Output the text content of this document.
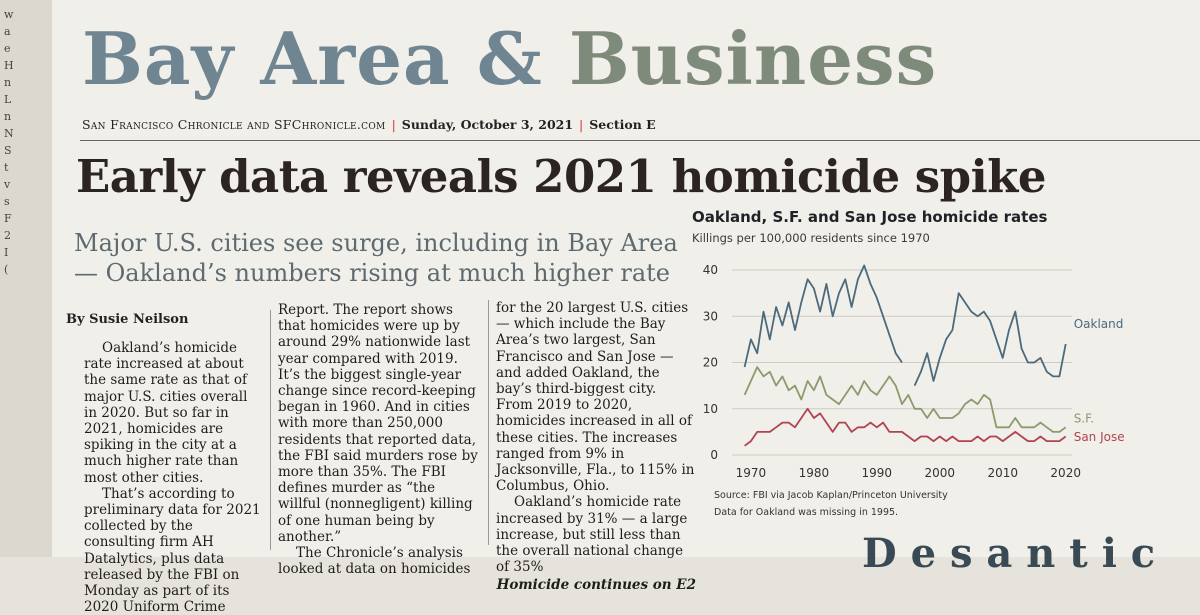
w
a
e
H
n
L
n
N
S
t
v
s
F
2
I
(
Bay Area & Business
San Francisco Chronicle and SFChronicle.com | Sunday, October 3, 2021 | Section E
Early data reveals 2021 homicide spike
Major U.S. cities see surge, including in Bay Area — Oakland’s numbers rising at much higher rate
By Susie Neilson

Oakland’s homicide rate increased at about the same rate as that of major U.S. cities overall in 2020. But so far in 2021, homicides are spiking in the city at a much higher rate than most other cities.

That’s according to preliminary data for 2021 collected by the consulting firm AH Datalytics, plus data released by the FBI on Monday as part of its 2020 Uniform Crime

Report. The report shows that homicides were up by around 29% nationwide last year compared with 2019. It’s the biggest single-year change since record-keeping began in 1960. And in cities with more than 250,000 residents that reported data, the FBI said murders rose by more than 35%. The FBI defines murder as “the willful (nonnegligent) killing of one human being by another.”

The Chronicle’s analysis looked at data on homicides

for the 20 largest U.S. cities — which include the Bay Area’s two largest, San Francisco and San Jose — and added Oakland, the bay’s third-biggest city. From 2019 to 2020, homicides increased in all of these cities. The increases ranged from 9% in Jacksonville, Fla., to 115% in Columbus, Ohio.

Oakland’s homicide rate increased by 31% — a large increase, but still less than the overall national change of 35%

Homicide continues on E2

Oakland, S.F. and San Jose homicide rates
Killings per 100,000 residents since 1970
0
10
20
30
40
1970	1980	1990	2000	2010	2020
Oakland
S.F.
San Jose
Source: FBI via Jacob Kaplan/Princeton University
Data for Oakland was missing in 1995.
D e s a n t i c
